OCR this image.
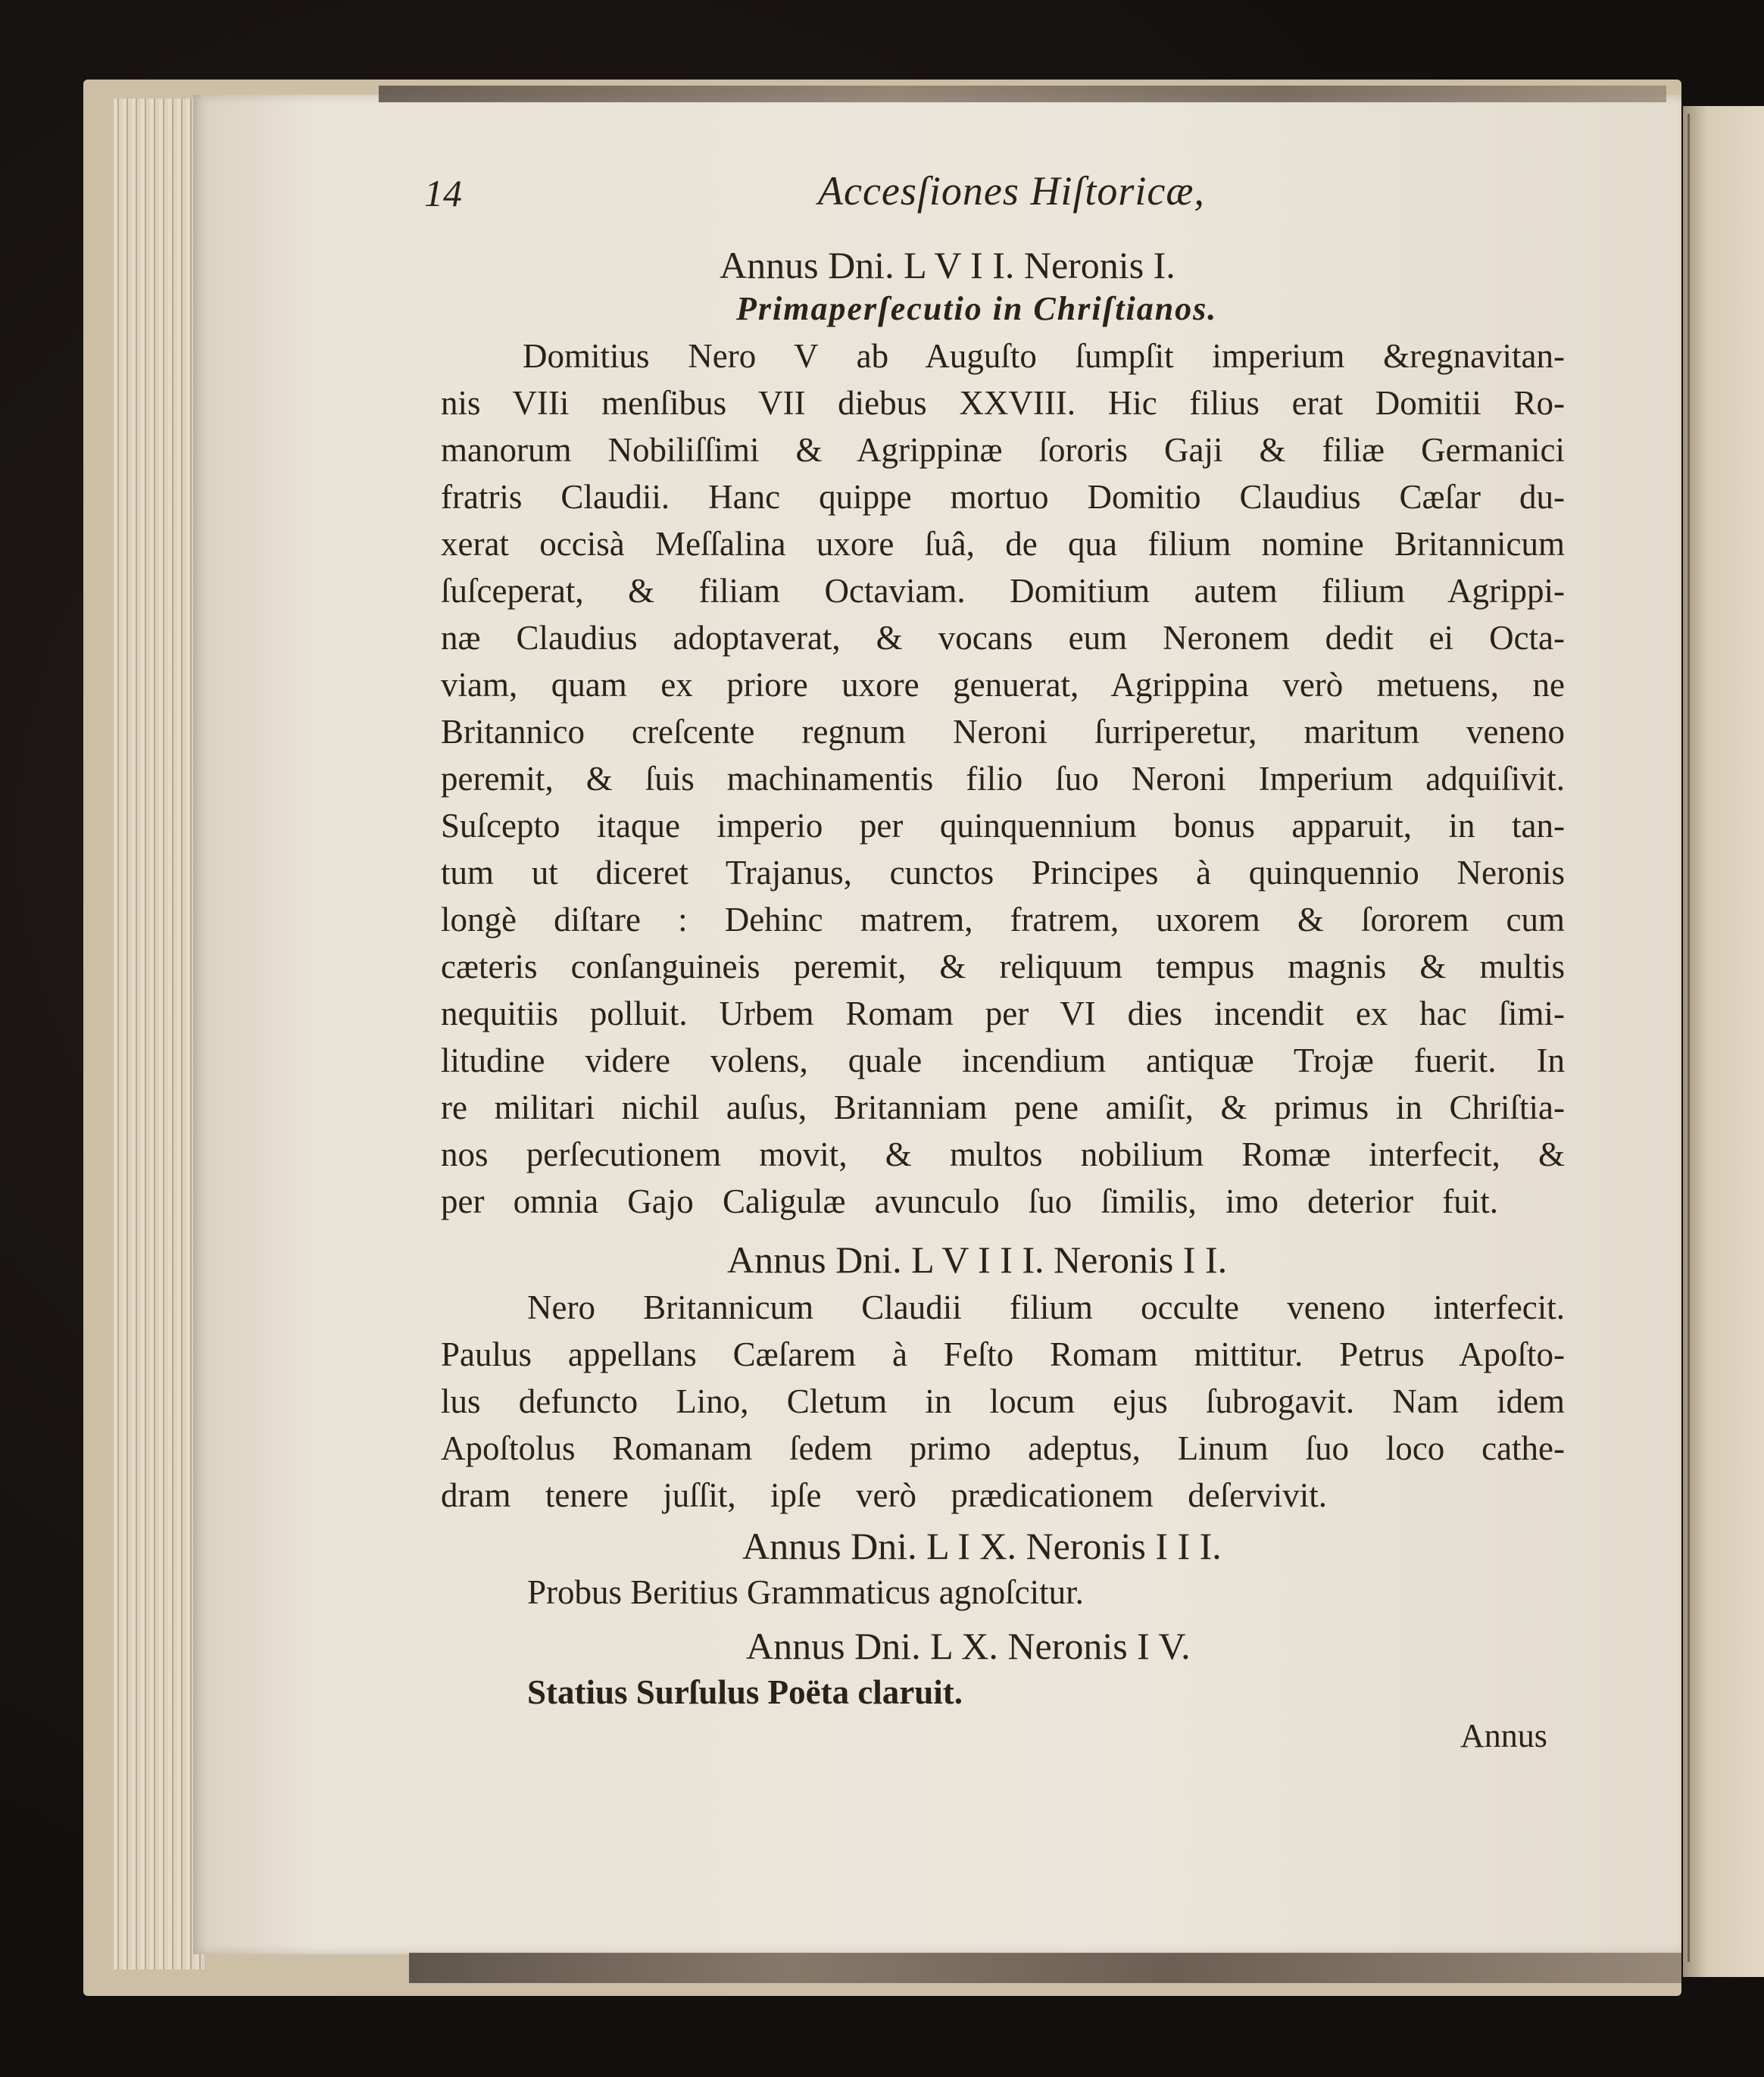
14	Accesſiones Hiſtoricæ,
Annus Dni. L V I I. Neronis I.
Primaperſecutio in Chriſtianos.
Domitius Nero V ab Auguſto ſumpſit imperium &regnavitan-
nis VIIi menſibus VII diebus XXVIII. Hic filius erat Domitii Ro-
manorum Nobiliſſimi & Agrippinæ ſororis Gaji & filiæ Germanici
fratris Claudii. Hanc quippe mortuo Domitio Claudius Cæſar du-
xerat occisà Meſſalina uxore ſuâ, de qua filium nomine Britannicum
ſuſceperat, & filiam Octaviam. Domitium autem filium Agrippi-
næ Claudius adoptaverat, & vocans eum Neronem dedit ei Octa-
viam, quam ex priore uxore genuerat, Agrippina verò metuens, ne
Britannico creſcente regnum Neroni ſurriperetur, maritum veneno
peremit, & ſuis machinamentis filio ſuo Neroni Imperium adquiſivit.
Suſcepto itaque imperio per quinquennium bonus apparuit, in tan-
tum ut diceret Trajanus, cunctos Principes à quinquennio Neronis
longè diſtare : Dehinc matrem, fratrem, uxorem & ſororem cum
cæteris conſanguineis peremit, & reliquum tempus magnis & multis
nequitiis polluit. Urbem Romam per VI dies incendit ex hac ſimi-
litudine videre volens, quale incendium antiquæ Trojæ fuerit. In
re militari nichil auſus, Britanniam pene amiſit, & primus in Chriſtia-
nos perſecutionem movit, & multos nobilium Romæ interfecit, &
per omnia Gajo Caligulæ avunculo ſuo ſimilis, imo deterior fuit.
Annus Dni. L V I I I. Neronis I I.
Nero Britannicum Claudii filium occulte veneno interfecit.
Paulus appellans Cæſarem à Feſto Romam mittitur. Petrus Apoſto-
lus defuncto Lino, Cletum in locum ejus ſubrogavit. Nam idem
Apoſtolus Romanam ſedem primo adeptus, Linum ſuo loco cathe-
dram tenere juſſit, ipſe verò prædicationem deſervivit.
Annus Dni. L I X. Neronis I I I.
Probus Beritius Grammaticus agnoſcitur.
Annus Dni. L X. Neronis I V.
Statius Surſulus Poëta claruit.
Annus
